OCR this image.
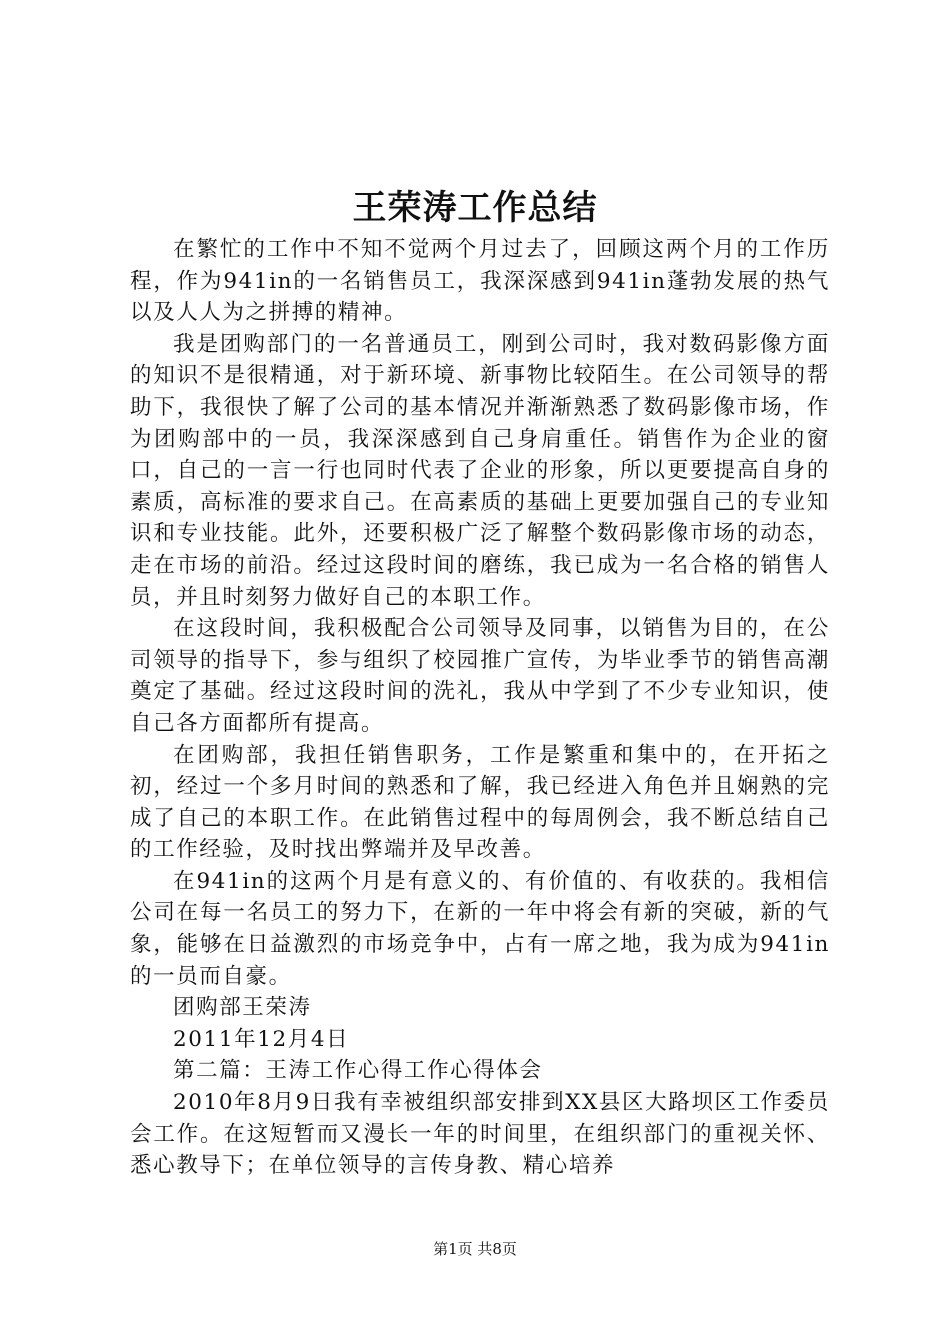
王荣涛工作总结

在繁忙的工作中不知不觉两个月过去了，回顾这两个月的工作历程，作为941in的一名销售员工，我深深感到941in蓬勃发展的热气以及人人为之拼搏的精神。

我是团购部门的一名普通员工，刚到公司时，我对数码影像方面的知识不是很精通，对于新环境、新事物比较陌生。在公司领导的帮助下，我很快了解了公司的基本情况并渐渐熟悉了数码影像市场，作为团购部中的一员，我深深感到自己身肩重任。销售作为企业的窗口，自己的一言一行也同时代表了企业的形象，所以更要提高自身的素质，高标准的要求自己。在高素质的基础上更要加强自己的专业知识和专业技能。此外，还要积极广泛了解整个数码影像市场的动态，走在市场的前沿。经过这段时间的磨练，我已成为一名合格的销售人员，并且时刻努力做好自己的本职工作。

在这段时间，我积极配合公司领导及同事，以销售为目的，在公司领导的指导下，参与组织了校园推广宣传，为毕业季节的销售高潮奠定了基础。经过这段时间的洗礼，我从中学到了不少专业知识，使自己各方面都所有提高。

在团购部，我担任销售职务，工作是繁重和集中的，在开拓之初，经过一个多月时间的熟悉和了解，我已经进入角色并且娴熟的完成了自己的本职工作。在此销售过程中的每周例会，我不断总结自己的工作经验，及时找出弊端并及早改善。

在941in的这两个月是有意义的、有价值的、有收获的。我相信公司在每一名员工的努力下，在新的一年中将会有新的突破，新的气象，能够在日益激烈的市场竞争中，占有一席之地，我为成为941in的一员而自豪。

团购部王荣涛

2011年12月4日

第二篇：王涛工作心得工作心得体会

2010年8月9日我有幸被组织部安排到XX县区大路坝区工作委员会工作。在这短暂而又漫长一年的时间里，在组织部门的重视关怀、悉心教导下；在单位领导的言传身教、精心培养

第1页 共8页
